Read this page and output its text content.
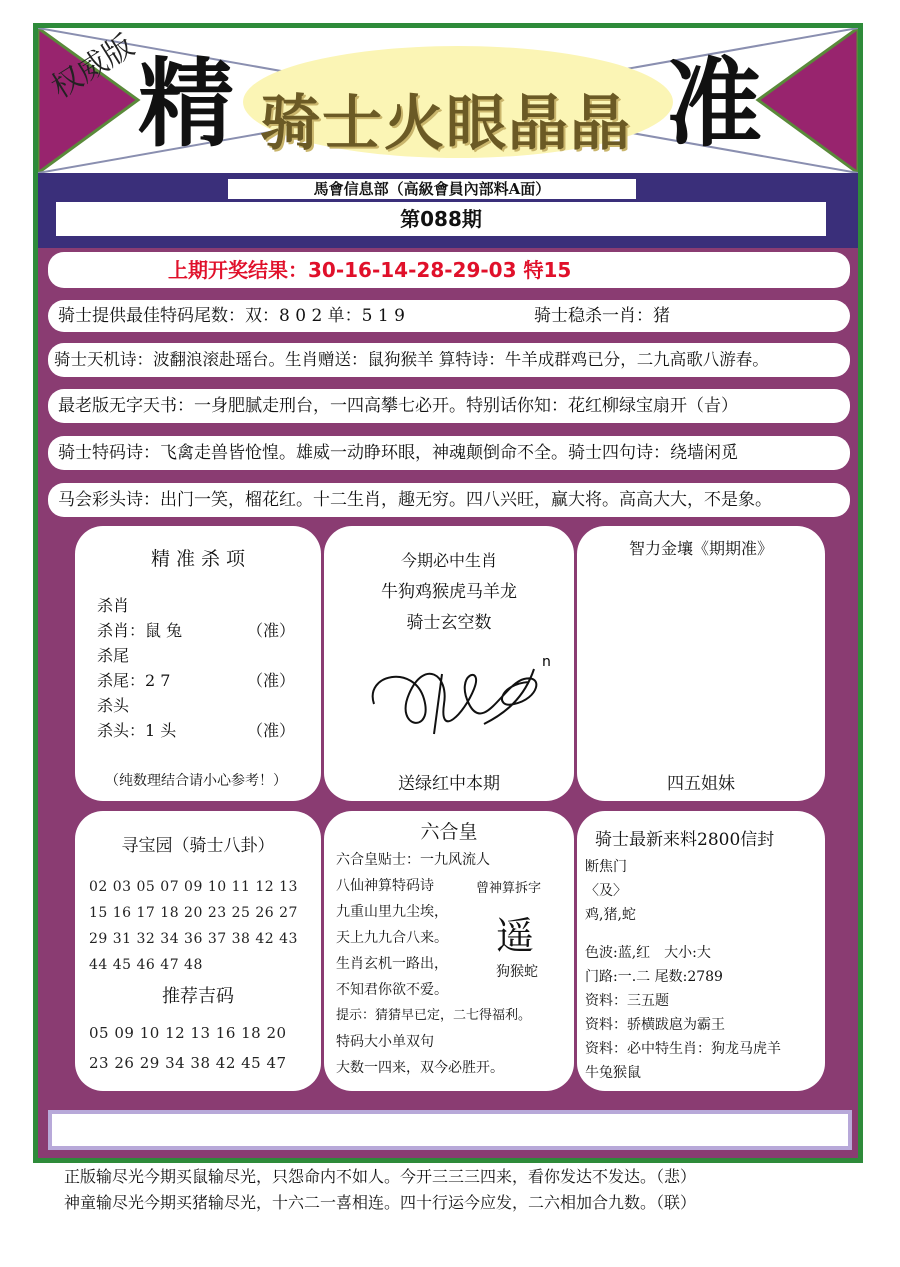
权威版
精 骑士火眼晶晶 准
馬會信息部（高級會員內部料A面）
第088期
上期开奖结果：30-16-14-28-29-03 特15
骑士提供最佳特码尾数：双：8 0 2 单：5 1 9	骑士稳杀一肖：猪
骑士天机诗：波翻浪滚赴瑶台。生肖赠送：鼠狗猴羊 算特诗：牛羊成群鸡已分，二九高歌八游春。
最老版无字天书：一身肥腻走刑台，一四高攀七必开。特别话你知：花红柳绿宝扇开（㫖）
骑士特码诗：飞禽走兽皆怆惶。雄威一动睁环眼，神魂颠倒命不全。骑士四句诗：绕墙闲觅
马会彩头诗：出门一笑，榴花红。十二生肖，趣无穷。四八兴旺，赢大将。高高大大，不是象。
精 准 杀 项
杀肖
杀肖：鼠 兔	（准）
杀尾
杀尾：2 7	（准）
杀头
杀头：1 头	（准）
（纯数理结合请小心参考！）
今期必中生肖
牛狗鸡猴虎马羊龙
骑士玄空数
n
送绿红中本期
智力金壤《期期准》
四五姐妹
寻宝园（骑士八卦）
02 03 05 07 09 10 11 12 13
15 16 17 18 20 23 25 26 27
29 31 32 34 36 37 38 42 43
44 45 46 47 48
推荐吉码
05 09 10 12 13 16 18 20
23 26 29 34 38 42 45 47
六合皇
六合皇贴士：一九风流人
八仙神算特码诗
九重山里九尘埃，
天上九九合八来。
生肖玄机一路出，
不知君你欲不爱。
提示：猜猜早已定，二七得福利。
特码大小单双句
大数一四来，双今必胜开。
曾神算拆字
遥
狗猴蛇
骑士最新来料2800信封
断焦门
〈及〉
鸡,猪,蛇
色波:蓝,红　大小:大
门路:一.二 尾数:2789
资料：三五题
资料：骄横跋扈为霸王
资料：必中特生肖：狗龙马虎羊
牛兔猴鼠
正版输尽光今期买鼠输尽光，只怨命内不如人。今开三三三四来，看你发达不发达。（悲）
神童输尽光今期买猪输尽光，十六二一喜相连。四十行运今应发，二六相加合九数。（联）
